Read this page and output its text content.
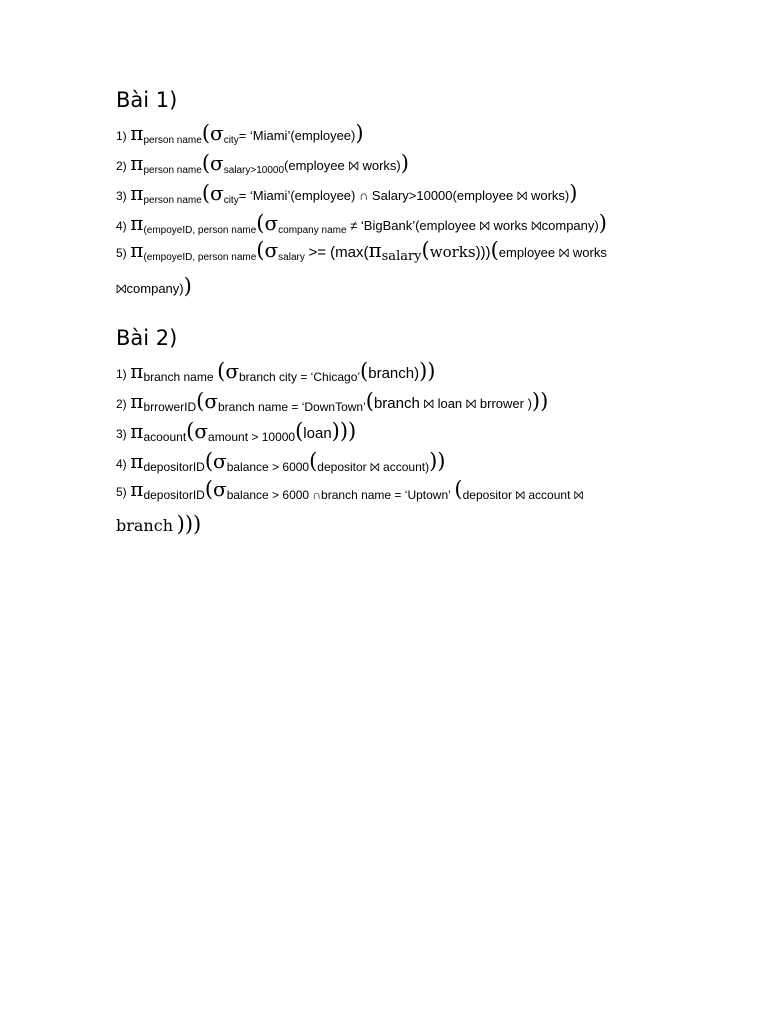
Bài 1)
1) $\pi_{person name}(\sigma_{city}=$ ‘Miami’(employee))
2) $\pi_{person name}(\sigma_{salary>10000}(employee$ ⨝ works))
3) $\pi_{person name}(\sigma_{city}=$ ‘Miami’(employee) ∩ Salary>10000(employee ⨝ works))
4) $\pi_{(empoyeID, person name}(\sigma_{company name}$ ≠ ‘BigBank’(employee ⨝ works ⨝company))
5) $\pi_{(empoyeID, person name}(\sigma_{salary}$ >= (max(πsalary(works)))(employee ⨝ works ⨝company))
Bài 2)
1) πbranch name (σbranch city = ‘Chicago’(branch)))
2) πbrrowerID(σbranch name = ‘DownTown’(branch ⨝ loan ⨝ brrower )))
3) πacoount(σamount > 10000(loan)))
4) πdepositorID(σbalance > 6000(depositor ⨝ account)))
5) πdepositorID(σbalance > 6000 ∩branch name = ‘Uptown’ (depositor ⨝ account ⨝
branch )))
